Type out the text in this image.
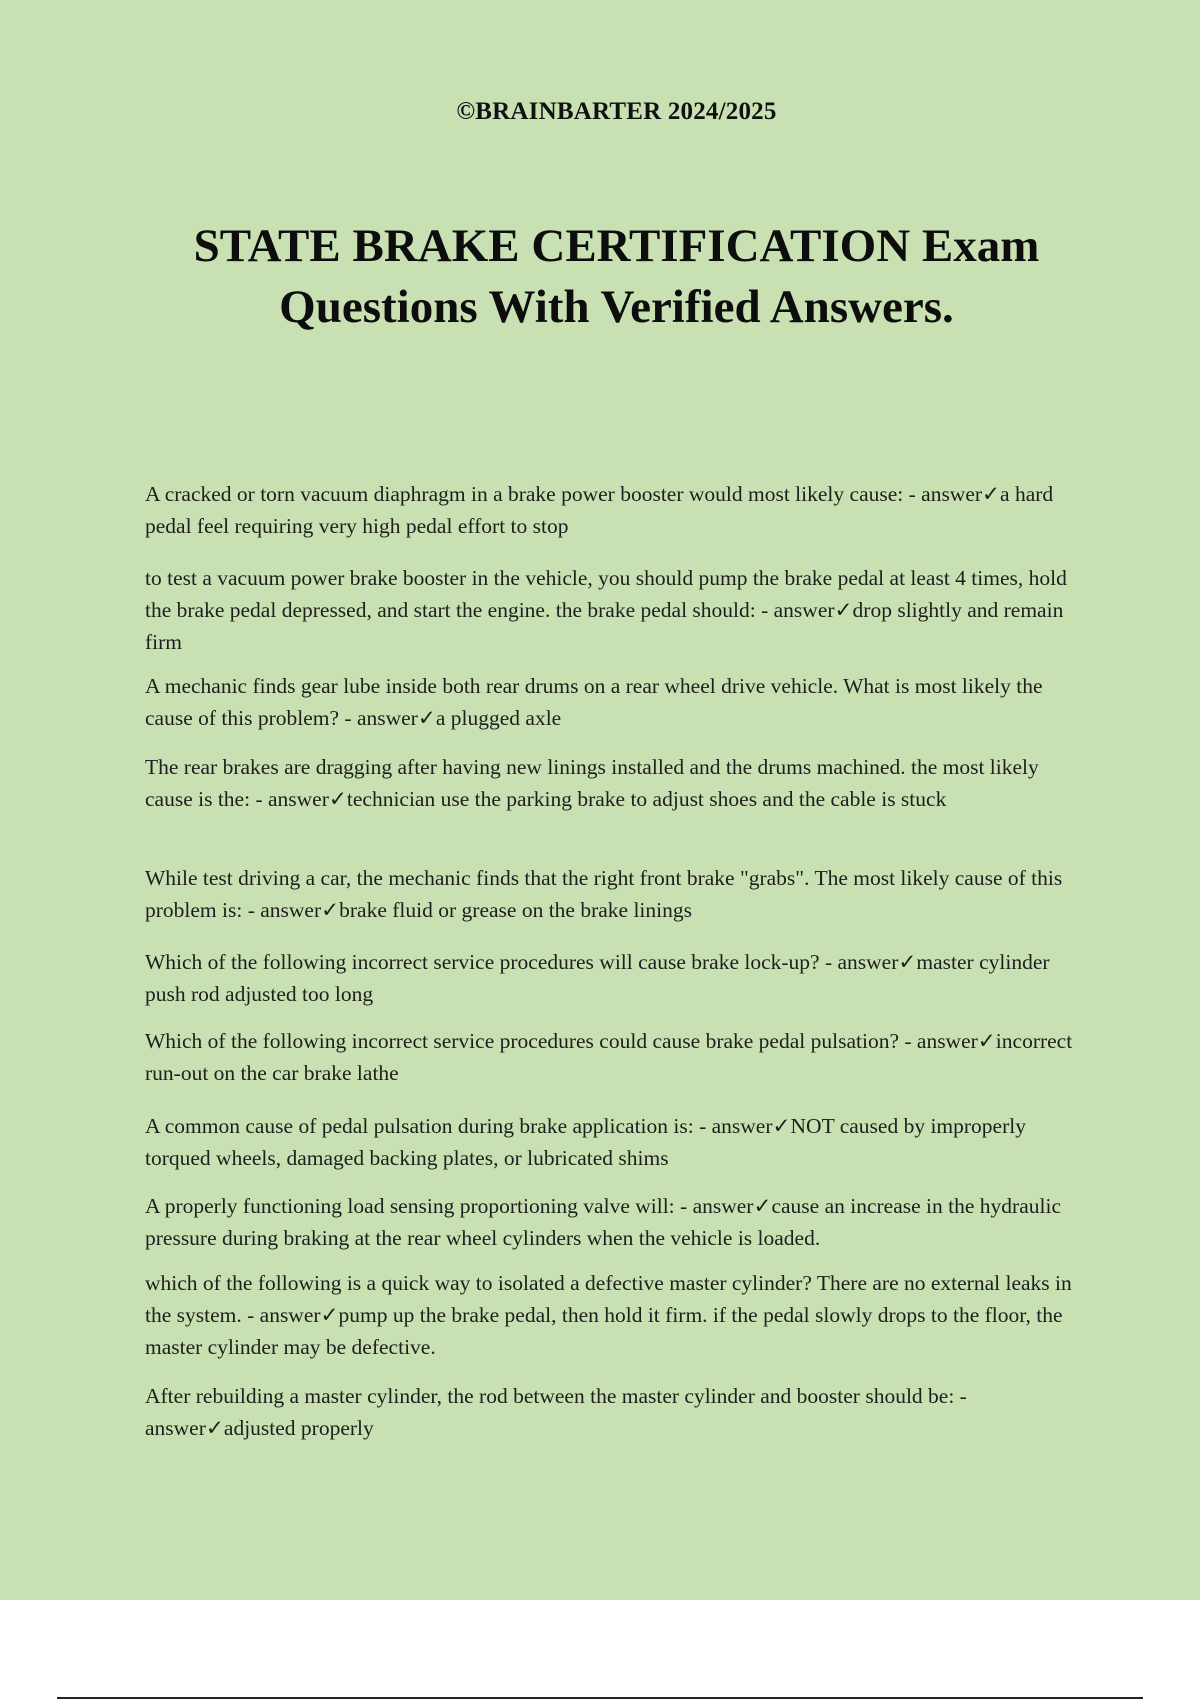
©BRAINBARTER 2024/2025
STATE BRAKE CERTIFICATION Exam
Questions With Verified Answers.
A cracked or torn vacuum diaphragm in a brake power booster would most likely cause: - answer✓a hard pedal feel requiring very high pedal effort to stop
to test a vacuum power brake booster in the vehicle, you should pump the brake pedal at least 4 times, hold the brake pedal depressed, and start the engine. the brake pedal should: - answer✓drop slightly and remain firm
A mechanic finds gear lube inside both rear drums on a rear wheel drive vehicle. What is most likely the cause of this problem? - answer✓a plugged axle
The rear brakes are dragging after having new linings installed and the drums machined. the most likely cause is the: - answer✓technician use the parking brake to adjust shoes and the cable is stuck
While test driving a car, the mechanic finds that the right front brake "grabs". The most likely cause of this problem is: - answer✓brake fluid or grease on the brake linings
Which of the following incorrect service procedures will cause brake lock-up? - answer✓master cylinder push rod adjusted too long
Which of the following incorrect service procedures could cause brake pedal pulsation? - answer✓incorrect run-out on the car brake lathe
A common cause of pedal pulsation during brake application is: - answer✓NOT caused by improperly torqued wheels, damaged backing plates, or lubricated shims
A properly functioning load sensing proportioning valve will: - answer✓cause an increase in the hydraulic pressure during braking at the rear wheel cylinders when the vehicle is loaded.
which of the following is a quick way to isolated a defective master cylinder? There are no external leaks in the system. - answer✓pump up the brake pedal, then hold it firm. if the pedal slowly drops to the floor, the master cylinder may be defective.
After rebuilding a master cylinder, the rod between the master cylinder and booster should be: - answer✓adjusted properly
